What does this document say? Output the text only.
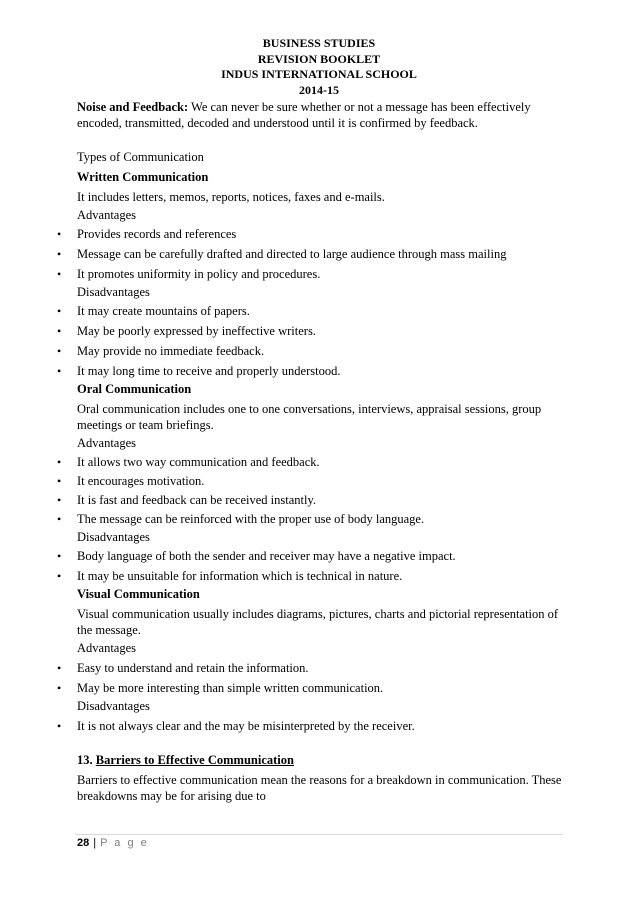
BUSINESS STUDIES
REVISION BOOKLET
INDUS INTERNATIONAL SCHOOL
2014-15

Noise and Feedback: We can never be sure whether or not a message has been effectively encoded, transmitted, decoded and understood until it is confirmed by feedback.

Types of Communication

Written Communication

It includes letters, memos, reports, notices, faxes and e-mails.

Advantages

• Provides records and references

• Message can be carefully drafted and directed to large audience through mass mailing

• It promotes uniformity in policy and procedures.

Disadvantages

• It may create mountains of papers.

• May be poorly expressed by ineffective writers.

• May provide no immediate feedback.

• It may long time to receive and properly understood.

Oral Communication

Oral communication includes one to one conversations, interviews, appraisal sessions, group meetings or team briefings.

Advantages

• It allows two way communication and feedback.

• It encourages motivation.

• It is fast and feedback can be received instantly.

• The message can be reinforced with the proper use of body language.

Disadvantages

• Body language of both the sender and receiver may have a negative impact.

• It may be unsuitable for information which is technical in nature.

Visual Communication

Visual communication usually includes diagrams, pictures, charts and pictorial representation of the message.

Advantages

• Easy to understand and retain the information.

• May be more interesting than simple written communication.

Disadvantages

• It is not always clear and the may be misinterpreted by the receiver.

13. Barriers to Effective Communication

Barriers to effective communication mean the reasons for a breakdown in communication. These breakdowns may be for arising due to

28 | P a g e
